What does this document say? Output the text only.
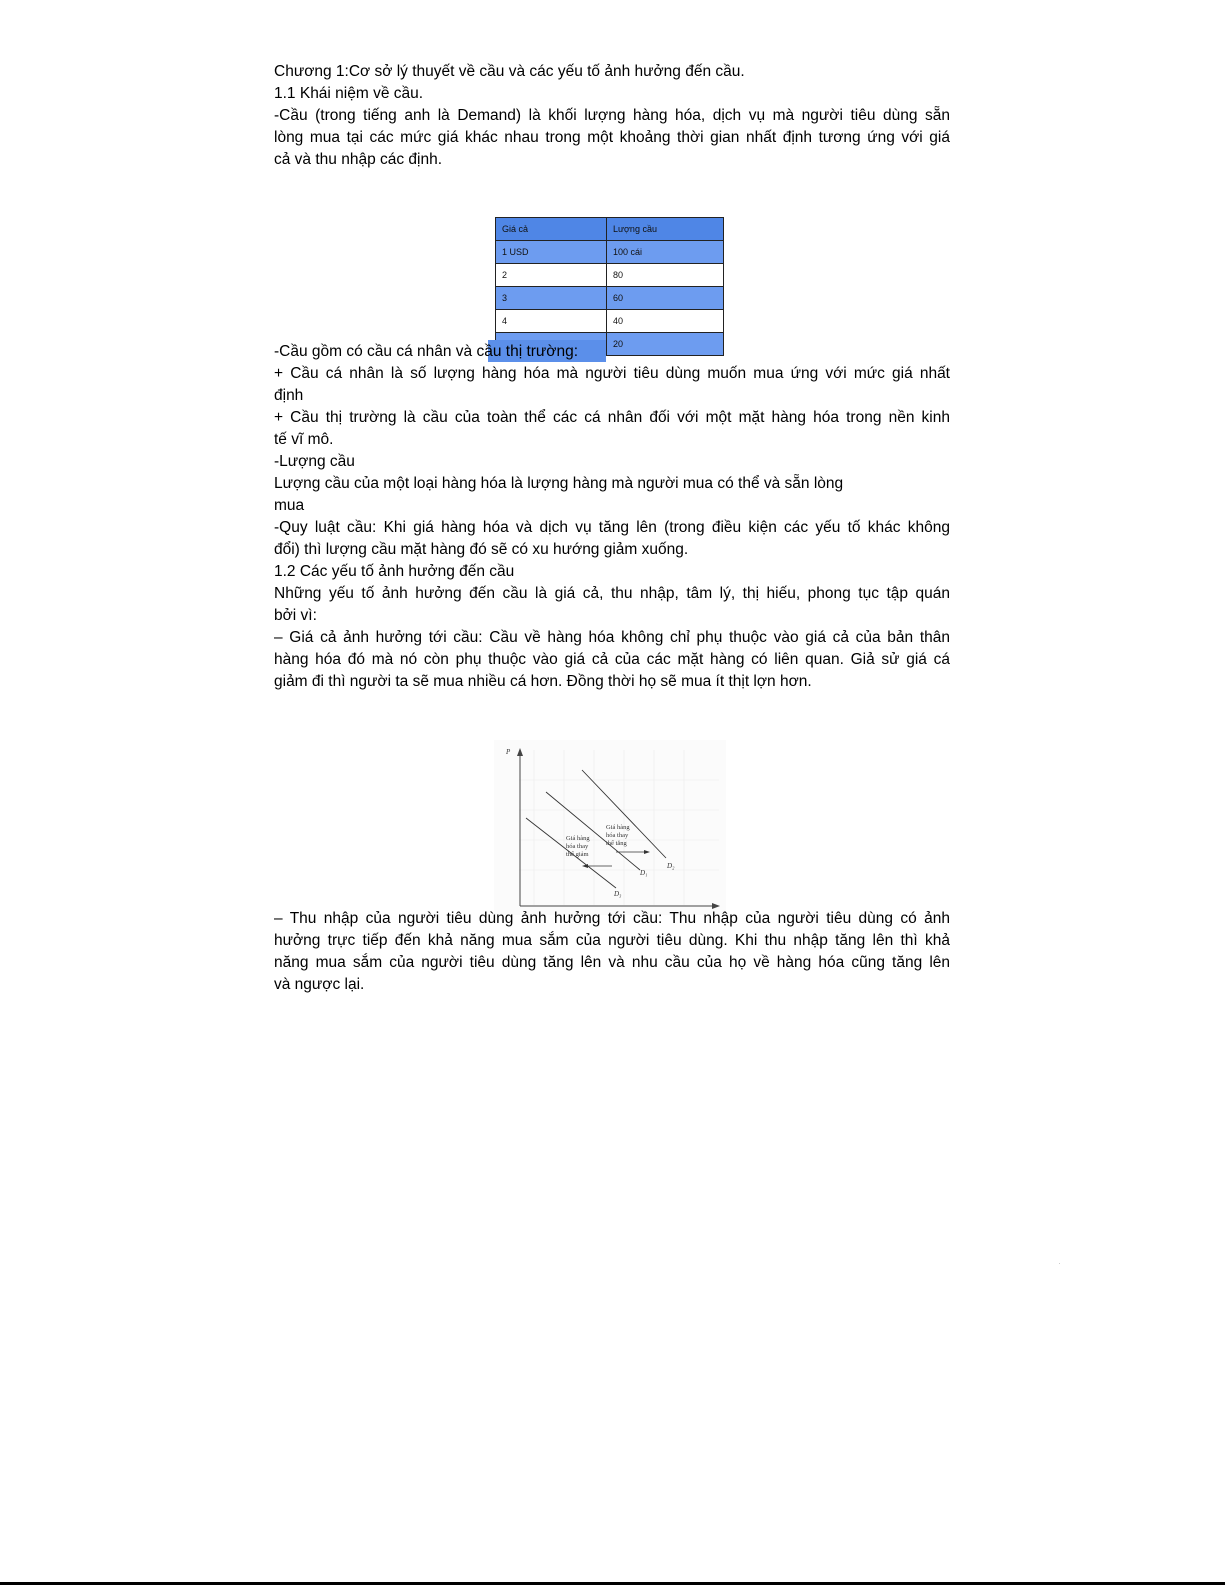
Chương 1:Cơ sở lý thuyết về cầu và các yếu tố ảnh hưởng đến cầu.
1.1 Khái niệm về cầu.
-Cầu (trong tiếng anh là Demand) là khối lượng hàng hóa, dịch vụ mà người tiêu dùng sẵn
lòng mua tại các mức giá khác nhau trong một khoảng thời gian nhất định tương ứng với giá
cả và thu nhập các định.
Giá cả	Lượng cầu
1 USD	100 cái
2	80
3	60
4	40
	20
-Cầu gồm có cầu cá nhân và cầu thị trường:
+ Cầu cá nhân là số lượng hàng hóa mà người tiêu dùng muốn mua ứng với mức giá nhất
định
+ Cầu thị trường là cầu của toàn thể các cá nhân đối với một mặt hàng hóa trong nền kinh
tế vĩ mô.
-Lượng cầu
Lượng cầu của một loại hàng hóa là lượng hàng mà người mua có thể và sẵn lòng
mua
-Quy luật cầu: Khi giá hàng hóa và dịch vụ tăng lên (trong điều kiện các yếu tố khác không
đổi) thì lượng cầu mặt hàng đó sẽ có xu hướng giảm xuống.
1.2 Các yếu tố ảnh hưởng đến cầu
Những yếu tố ảnh hưởng đến cầu là giá cả, thu nhập, tâm lý, thị hiếu, phong tục tập quán
bởi vì:
– Giá cả ảnh hưởng tới cầu: Cầu về hàng hóa không chỉ phụ thuộc vào giá cả của bản thân
hàng hóa đó mà nó còn phụ thuộc vào giá cả của các mặt hàng có liên quan. Giả sử giá cá
giảm đi thì người ta sẽ mua nhiều cá hơn. Đồng thời họ sẽ mua ít thịt lợn hơn.
P
Giá hàng
hóa thay
thế tăng
Giá hàng
hóa thay
thế giảm
D₁
D₂
D₃
– Thu nhập của người tiêu dùng ảnh hưởng tới cầu: Thu nhập của người tiêu dùng có ảnh
hưởng trực tiếp đến khả năng mua sắm của người tiêu dùng. Khi thu nhập tăng lên thì khả
năng mua sắm của người tiêu dùng tăng lên và nhu cầu của họ về hàng hóa cũng tăng lên
và ngược lại.
